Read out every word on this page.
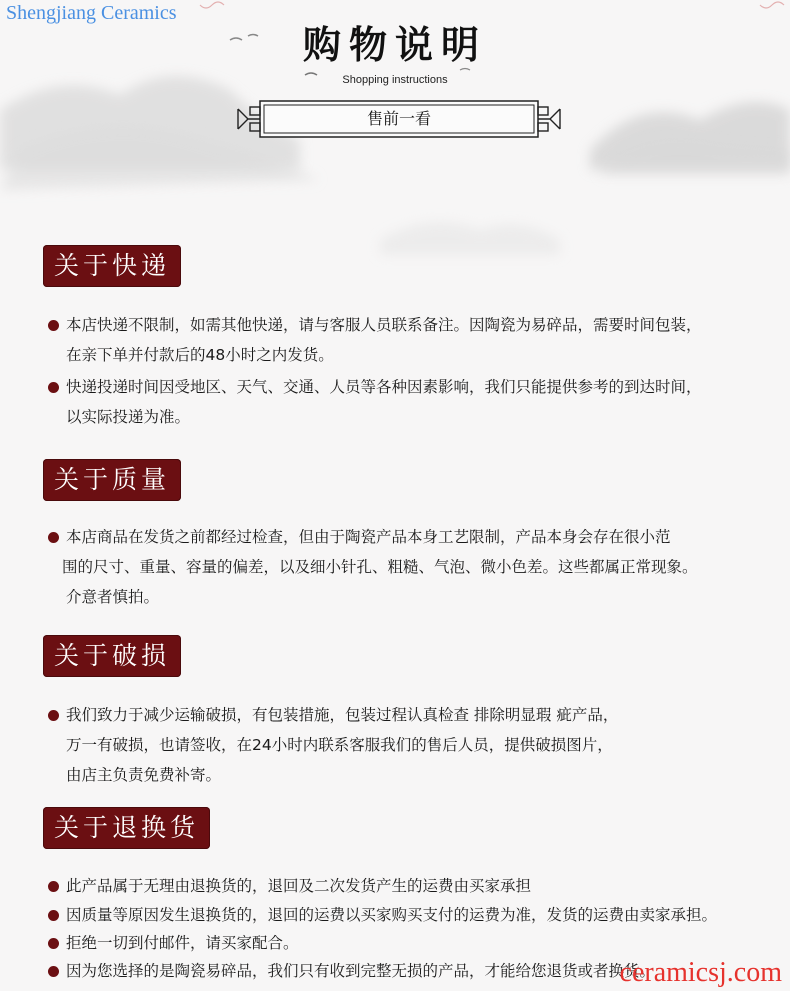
Shengjiang Ceramics
购物说明
Shopping instructions
售前一看
关于快递
本店快递不限制，如需其他快递，请与客服人员联系备注。因陶瓷为易碎品，需要时间包装，
在亲下单并付款后的48小时之内发货。
快递投递时间因受地区、天气、交通、人员等各种因素影响，我们只能提供参考的到达时间，
以实际投递为准。
关于质量
本店商品在发货之前都经过检查，但由于陶瓷产品本身工艺限制，产品本身会存在很小范
围的尺寸、重量、容量的偏差，以及细小针孔、粗糙、气泡、微小色差。这些都属正常现象。
介意者慎拍。
关于破损
我们致力于减少运输破损，有包装措施，包装过程认真检查 排除明显瑕 疵产品，
万一有破损，也请签收，在24小时内联系客服我们的售后人员，提供破损图片，
由店主负责免费补寄。
关于退换货
此产品属于无理由退换货的，退回及二次发货产生的运费由买家承担
因质量等原因发生退换货的，退回的运费以买家购买支付的运费为准，发货的运费由卖家承担。
拒绝一切到付邮件，请买家配合。
因为您选择的是陶瓷易碎品，我们只有收到完整无损的产品，才能给您退货或者换货。
ceramicsj.com
